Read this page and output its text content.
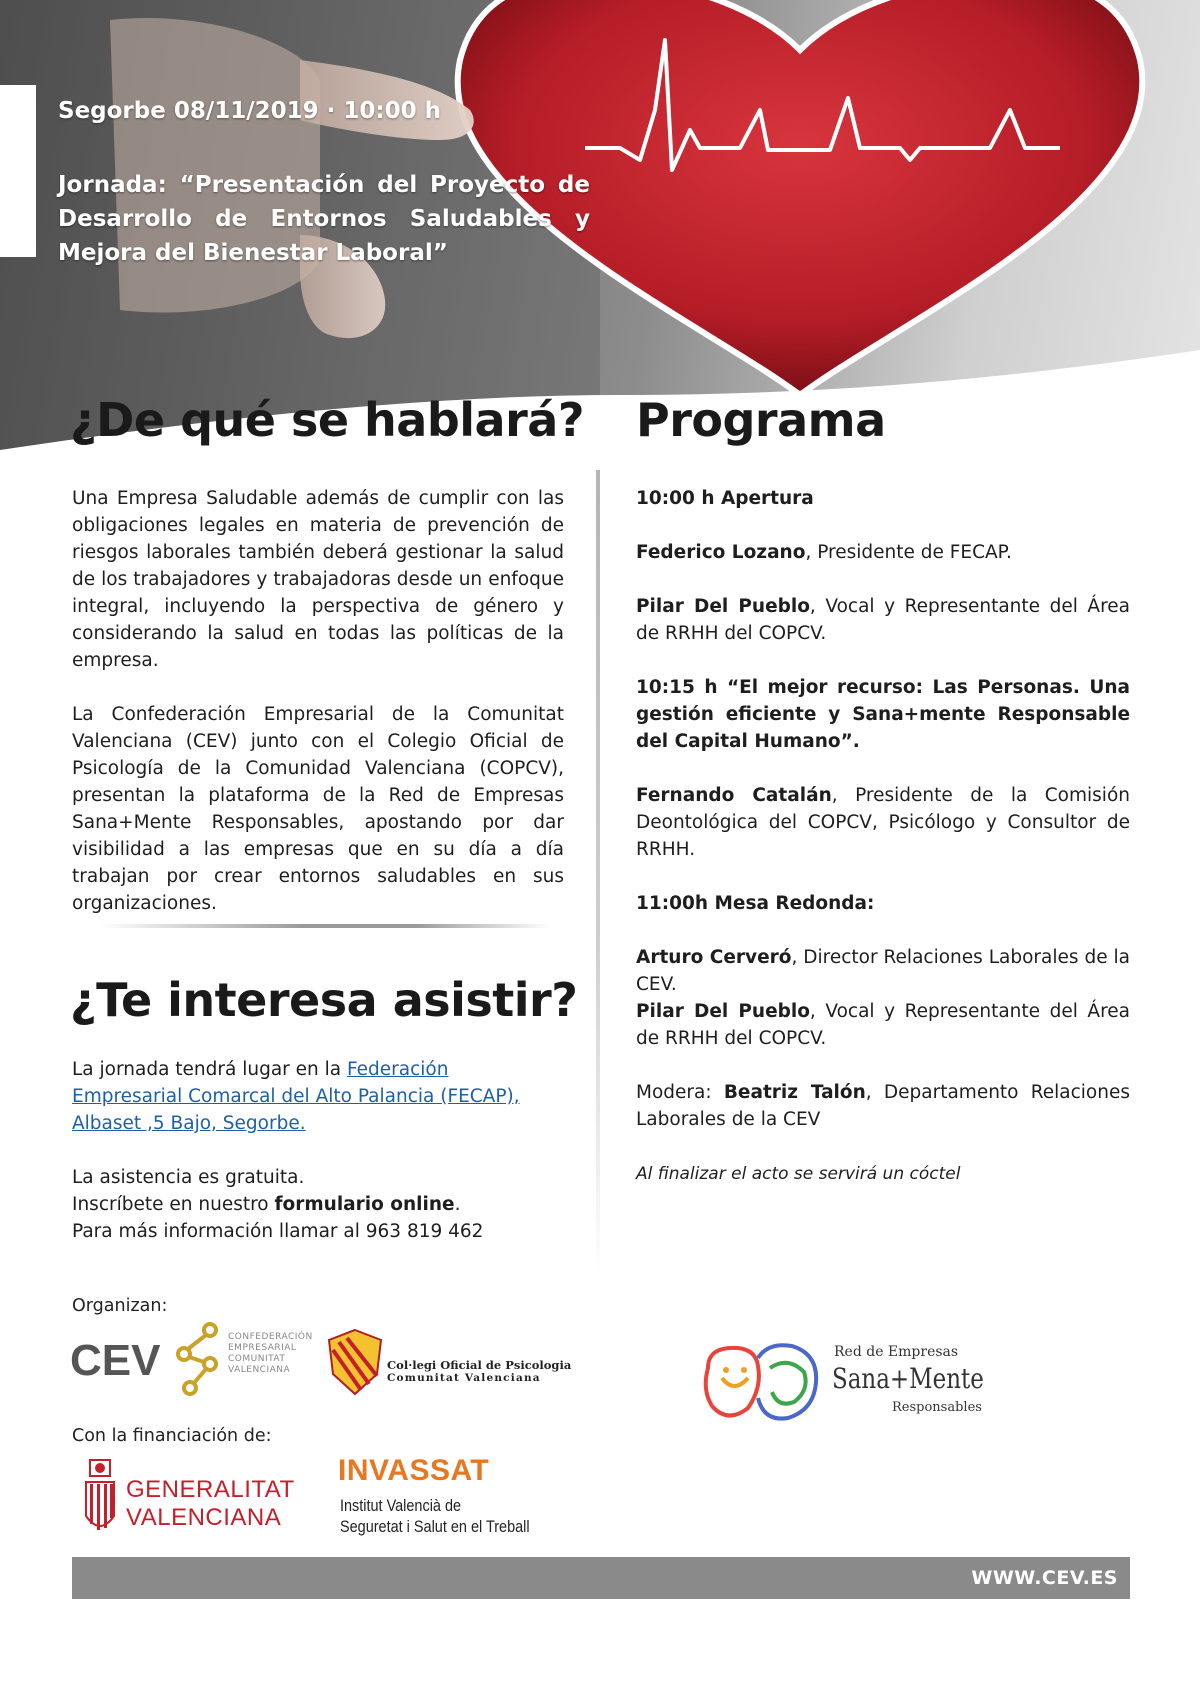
Segorbe 08/11/2019 · 10:00 h
Jornada: “Presentación del Proyecto de Desarrollo de Entornos Saludables y Mejora del Bienestar Laboral”
¿De qué se hablará?
Una Empresa Saludable además de cumplir con las obligaciones legales en materia de prevención de riesgos laborales también deberá gestionar la salud de los trabajadores y trabajadoras desde un enfoque integral, incluyendo la perspectiva de género y considerando la salud en todas las políticas de la empresa.
La Confederación Empresarial de la Comunitat Valenciana (CEV) junto con el Colegio Oficial de Psicología de la Comunidad Valenciana (COPCV), presentan la plataforma de la Red de Empresas Sana+Mente Responsables, apostando por dar visibilidad a las empresas que en su día a día trabajan por crear entornos saludables en sus organizaciones.
¿Te interesa asistir?
La jornada tendrá lugar en la Federación Empresarial Comarcal del Alto Palancia (FECAP), Albaset ,5 Bajo, Segorbe.
La asistencia es gratuita.
Inscríbete en nuestro formulario online.
Para más información llamar al 963 819 462
Programa
10:00 h Apertura
Federico Lozano, Presidente de FECAP.
Pilar Del Pueblo, Vocal y Representante del Área de RRHH del COPCV.
10:15 h “El mejor recurso: Las Personas. Una gestión eficiente y Sana+mente Responsable del Capital Humano”.
Fernando Catalán, Presidente de la Comisión Deontológica del COPCV, Psicólogo y Consultor de RRHH.
11:00h Mesa Redonda:
Arturo Cerveró, Director Relaciones Laborales de la CEV.
Pilar Del Pueblo, Vocal y Representante del Área de RRHH del COPCV.
Modera: Beatriz Talón, Departamento Relaciones Laborales de la CEV
Al finalizar el acto se servirá un cóctel
Organizan:
CEV	CONFEDERACIÓN
EMPRESARIAL
COMUNITAT
VALENCIANA	Col·legi Oficial de Psicologia
Comunitat Valenciana
Con la financiación de:
GENERALITAT
VALENCIANA
INVASSAT
Institut Valencià de
Seguretat i Salut en el Treball
Red de Empresas
Sana+Mente
Responsables
WWW.CEV.ES
